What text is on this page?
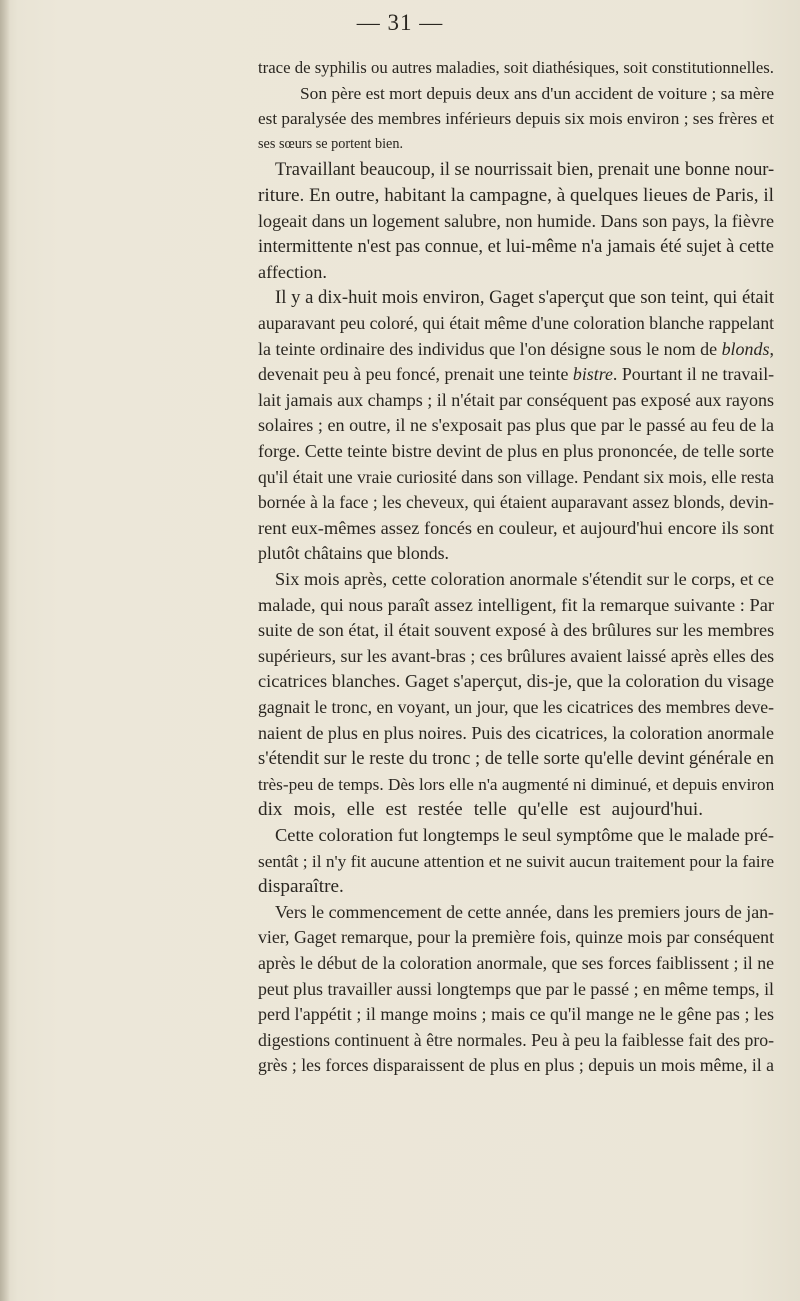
— 31 —
trace de syphilis ou autres maladies, soit diathésiques, soit constitutionnelles.
Son père est mort depuis deux ans d'un accident de voiture ; sa mère
est paralysée des membres inférieurs depuis six mois environ ; ses frères et
ses sœurs se portent bien.
Travaillant beaucoup, il se nourrissait bien, prenait une bonne nour-
riture. En outre, habitant la campagne, à quelques lieues de Paris, il
logeait dans un logement salubre, non humide. Dans son pays, la fièvre
intermittente n'est pas connue, et lui-même n'a jamais été sujet à cette
affection.
Il y a dix-huit mois environ, Gaget s'aperçut que son teint, qui était
auparavant peu coloré, qui était même d'une coloration blanche rappelant
la teinte ordinaire des individus que l'on désigne sous le nom de blonds,
devenait peu à peu foncé, prenait une teinte bistre. Pourtant il ne travail-
lait jamais aux champs ; il n'était par conséquent pas exposé aux rayons
solaires ; en outre, il ne s'exposait pas plus que par le passé au feu de la
forge. Cette teinte bistre devint de plus en plus prononcée, de telle sorte
qu'il était une vraie curiosité dans son village. Pendant six mois, elle resta
bornée à la face ; les cheveux, qui étaient auparavant assez blonds, devin-
rent eux-mêmes assez foncés en couleur, et aujourd'hui encore ils sont
plutôt châtains que blonds.
Six mois après, cette coloration anormale s'étendit sur le corps, et ce
malade, qui nous paraît assez intelligent, fit la remarque suivante : Par
suite de son état, il était souvent exposé à des brûlures sur les membres
supérieurs, sur les avant-bras ; ces brûlures avaient laissé après elles des
cicatrices blanches. Gaget s'aperçut, dis-je, que la coloration du visage
gagnait le tronc, en voyant, un jour, que les cicatrices des membres deve-
naient de plus en plus noires. Puis des cicatrices, la coloration anormale
s'étendit sur le reste du tronc ; de telle sorte qu'elle devint générale en
très-peu de temps. Dès lors elle n'a augmenté ni diminué, et depuis environ
dix mois, elle est restée telle qu'elle est aujourd'hui.
Cette coloration fut longtemps le seul symptôme que le malade pré-
sentât ; il n'y fit aucune attention et ne suivit aucun traitement pour la faire
disparaître.
Vers le commencement de cette année, dans les premiers jours de jan-
vier, Gaget remarque, pour la première fois, quinze mois par conséquent
après le début de la coloration anormale, que ses forces faiblissent ; il ne
peut plus travailler aussi longtemps que par le passé ; en même temps, il
perd l'appétit ; il mange moins ; mais ce qu'il mange ne le gêne pas ; les
digestions continuent à être normales. Peu à peu la faiblesse fait des pro-
grès ; les forces disparaissent de plus en plus ; depuis un mois même, il a
